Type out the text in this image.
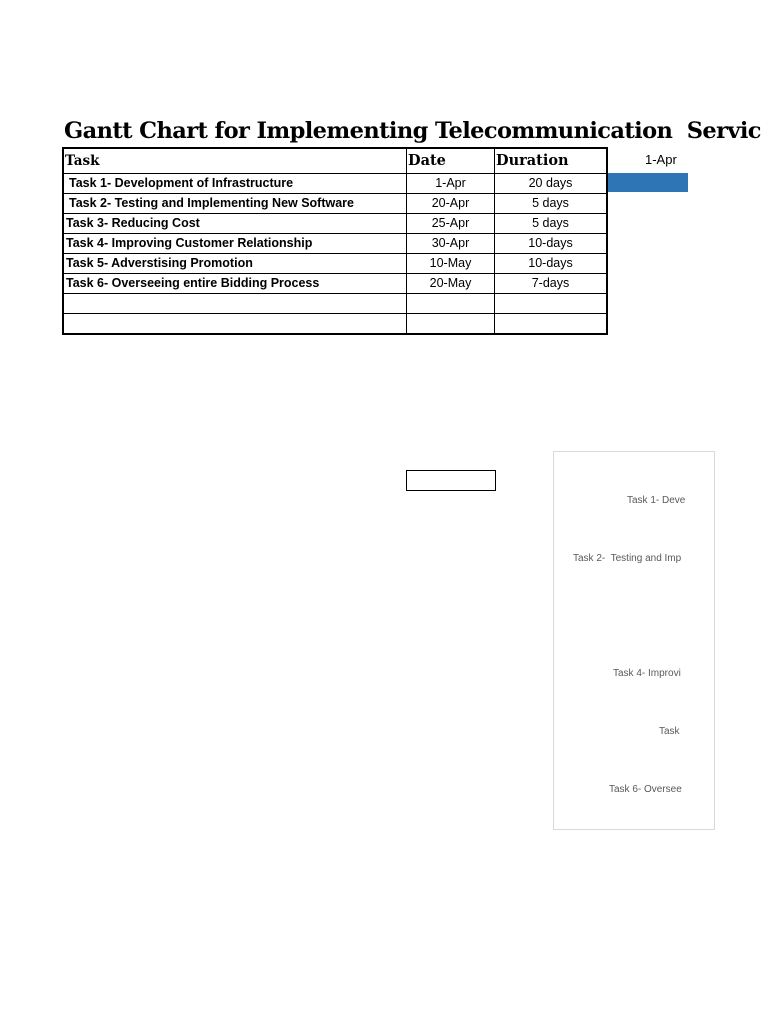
Gantt Chart for Implementing Telecommunication  Servic
Task	Date	Duration
Task 1- Development of Infrastructure	1-Apr	20 days
Task 2- Testing and Implementing New Software	20-Apr	5 days
Task 3- Reducing Cost	25-Apr	5 days
Task 4- Improving Customer Relationship	30-Apr	10-days
Task 5- Adverstising Promotion	10-May	10-days
Task 6- Overseeing entire Bidding Process	20-May	7-days

1-Apr
Task 1- Deve
Task 2-  Testing and Imp
Task 4- Improvi
Task
Task 6- Oversee
